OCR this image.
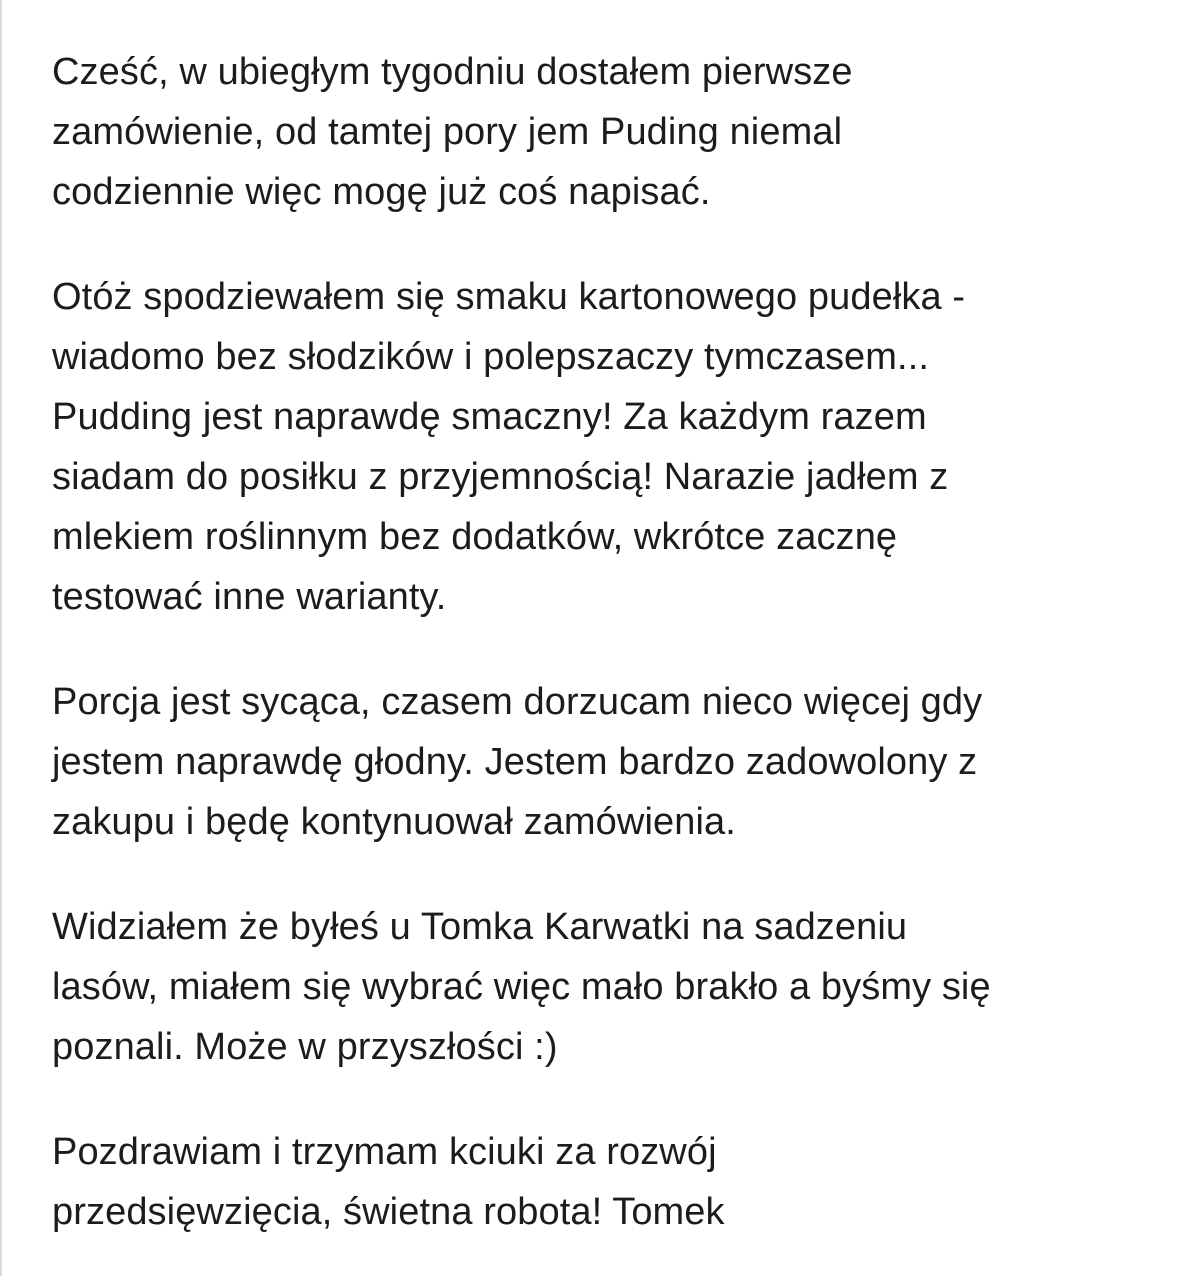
Cześć, w ubiegłym tygodniu dostałem pierwsze
zamówienie, od tamtej pory jem Puding niemal
codziennie więc mogę już coś napisać.

Otóż spodziewałem się smaku kartonowego pudełka -
wiadomo bez słodzików i polepszaczy tymczasem...
Pudding jest naprawdę smaczny! Za każdym razem
siadam do posiłku z przyjemnością! Narazie jadłem z
mlekiem roślinnym bez dodatków, wkrótce zacznę
testować inne warianty.

Porcja jest sycąca, czasem dorzucam nieco więcej gdy
jestem naprawdę głodny. Jestem bardzo zadowolony z
zakupu i będę kontynuował zamówienia.

Widziałem że byłeś u Tomka Karwatki na sadzeniu
lasów, miałem się wybrać więc mało brakło a byśmy się
poznali. Może w przyszłości :)

Pozdrawiam i trzymam kciuki za rozwój
przedsięwzięcia, świetna robota! Tomek
